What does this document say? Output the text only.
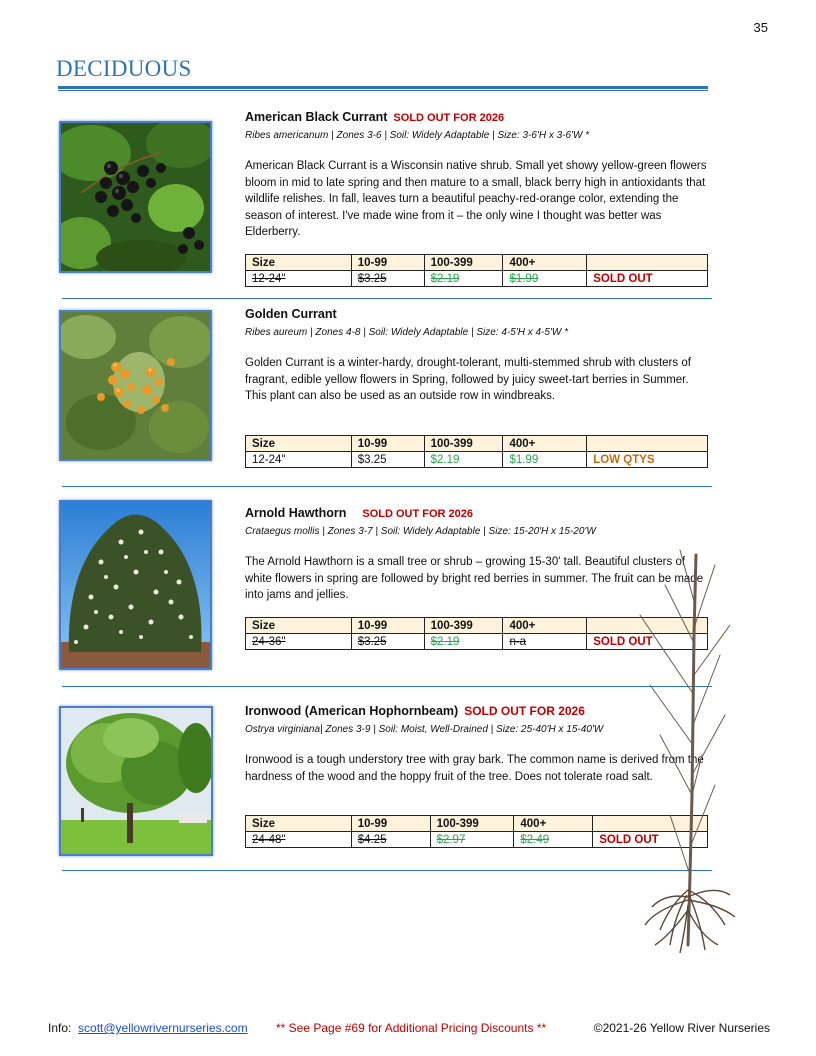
35
DECIDUOUS
American Black Currant SOLD OUT FOR 2026
Ribes americanum | Zones 3-6 | Soil: Widely Adaptable | Size: 3-6'H x 3-6'W *
American Black Currant is a Wisconsin native shrub. Small yet showy yellow-green flowers bloom in mid to late spring and then mature to a small, black berry high in antioxidants that wildlife relishes. In fall, leaves turn a beautiful peachy-red-orange color, extending the season of interest. I've made wine from it – the only wine I thought was better was Elderberry.
Size	10-99	100-399	400+	
12-24"	$3.25	$2.19	$1.99	SOLD OUT
Golden Currant
Ribes aureum | Zones 4-8 | Soil: Widely Adaptable | Size: 4-5'H x 4-5'W *
Golden Currant is a winter-hardy, drought-tolerant, multi-stemmed shrub with clusters of fragrant, edible yellow flowers in Spring, followed by juicy sweet-tart berries in Summer. This plant can also be used as an outside row in windbreaks.
Size	10-99	100-399	400+	
12-24"	$3.25	$2.19	$1.99	LOW QTYS
Arnold Hawthorn SOLD OUT FOR 2026
Crataegus mollis | Zones 3-7 | Soil: Widely Adaptable | Size: 15-20'H x 15-20'W
The Arnold Hawthorn is a small tree or shrub – growing 15-30' tall. Beautiful clusters of white flowers in spring are followed by bright red berries in summer. The fruit can be made into jams and jellies.
Size	10-99	100-399	400+	
24-36"	$3.25	$2.19	n-a	SOLD OUT
Ironwood (American Hophornbeam) SOLD OUT FOR 2026
Ostrya virginiana| Zones 3-9 | Soil: Moist, Well-Drained | Size: 25-40'H x 15-40'W
Ironwood is a tough understory tree with gray bark. The common name is derived from the hardness of the wood and the hoppy fruit of the tree. Does not tolerate road salt.
Size	10-99	100-399	400+	
24-48"	$4.25	$2.97	$2.49	SOLD OUT
Info: scott@yellowrivernurseries.com ** See Page #69 for Additional Pricing Discounts **	©2021-26 Yellow River Nurseries
